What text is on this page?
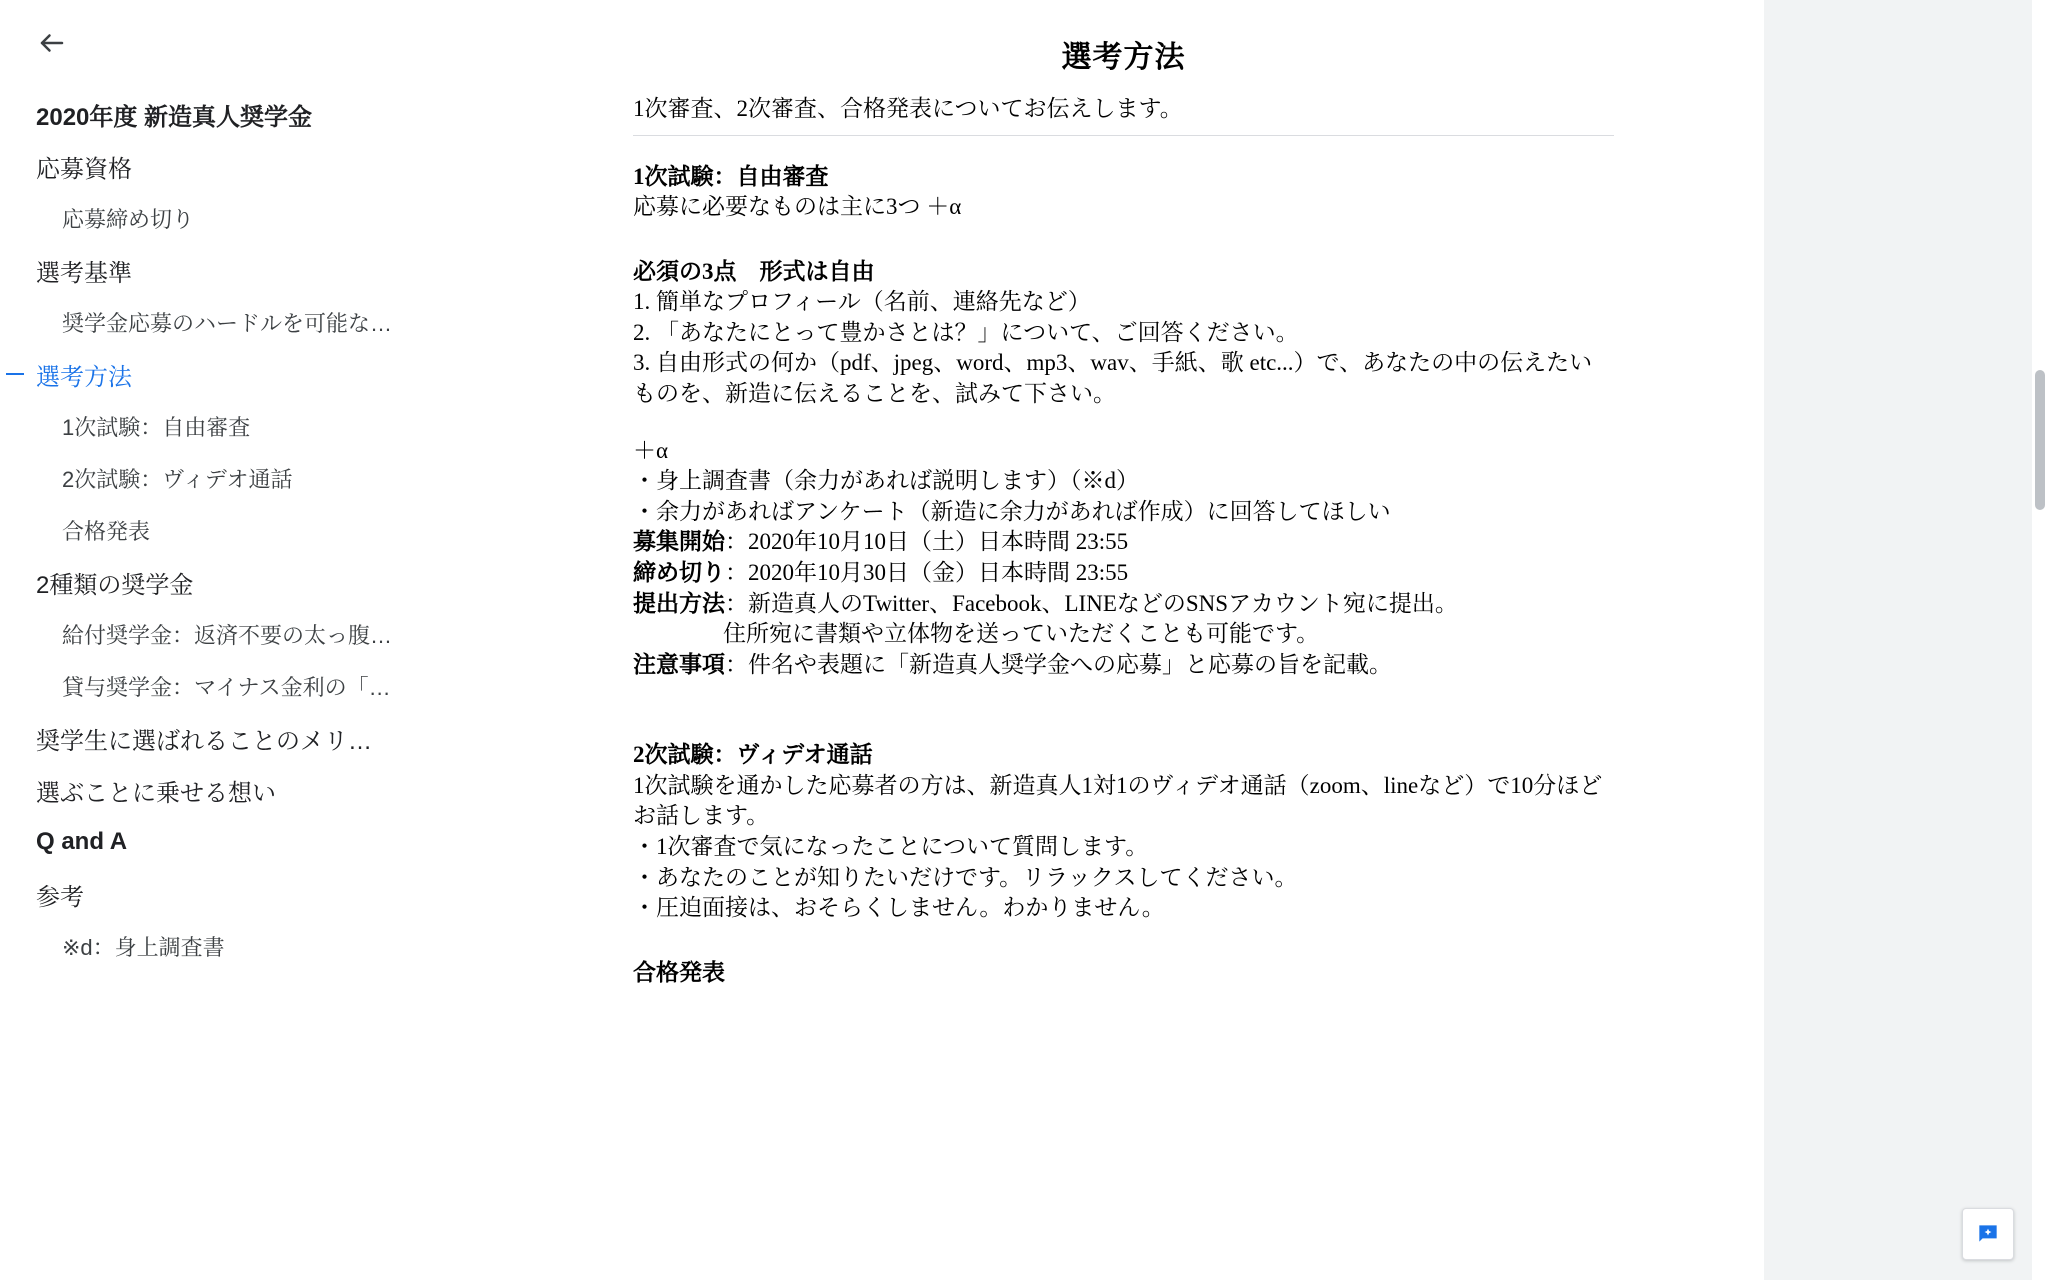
2020年度 新造真人奨学金
応募資格
応募締め切り
選考基準
奨学金応募のハードルを可能な…
選考方法
1次試験：自由審査
2次試験：ヴィデオ通話
合格発表
2種類の奨学金
給付奨学金：返済不要の太っ腹…
貸与奨学金：マイナス金利の「…
奨学生に選ばれることのメリ…
選ぶことに乗せる想い
Q and A
参考
※d：身上調査書
選考方法

1次審査、2次審査、合格発表についてお伝えします。

1次試験：自由審査

応募に必要なものは主に3つ ＋α

必須の3点　形式は自由

1. 簡単なプロフィール（名前、連絡先など）

2. 「あなたにとって豊かさとは？」について、ご回答ください。

3. 自由形式の何か（pdf、jpeg、word、mp3、wav、手紙、歌 etc...）で、あなたの中の伝えたいものを、新造に伝えることを、試みて下さい。

＋α

・身上調査書（余力があれば説明します）（※d）

・余力があればアンケート（新造に余力があれば作成）に回答してほしい

募集開始：2020年10月10日（土）日本時間 23:55

締め切り：2020年10月30日（金）日本時間 23:55

提出方法：新造真人のTwitter、Facebook、LINEなどのSNSアカウント宛に提出。

住所宛に書類や立体物を送っていただくことも可能です。

注意事項：件名や表題に「新造真人奨学金への応募」と応募の旨を記載。

2次試験：ヴィデオ通話

1次試験を通かした応募者の方は、新造真人1対1のヴィデオ通話（zoom、lineなど）で10分ほどお話します。

・1次審査で気になったことについて質問します。

・あなたのことが知りたいだけです。リラックスしてください。

・圧迫面接は、おそらくしません。わかりません。

合格発表
